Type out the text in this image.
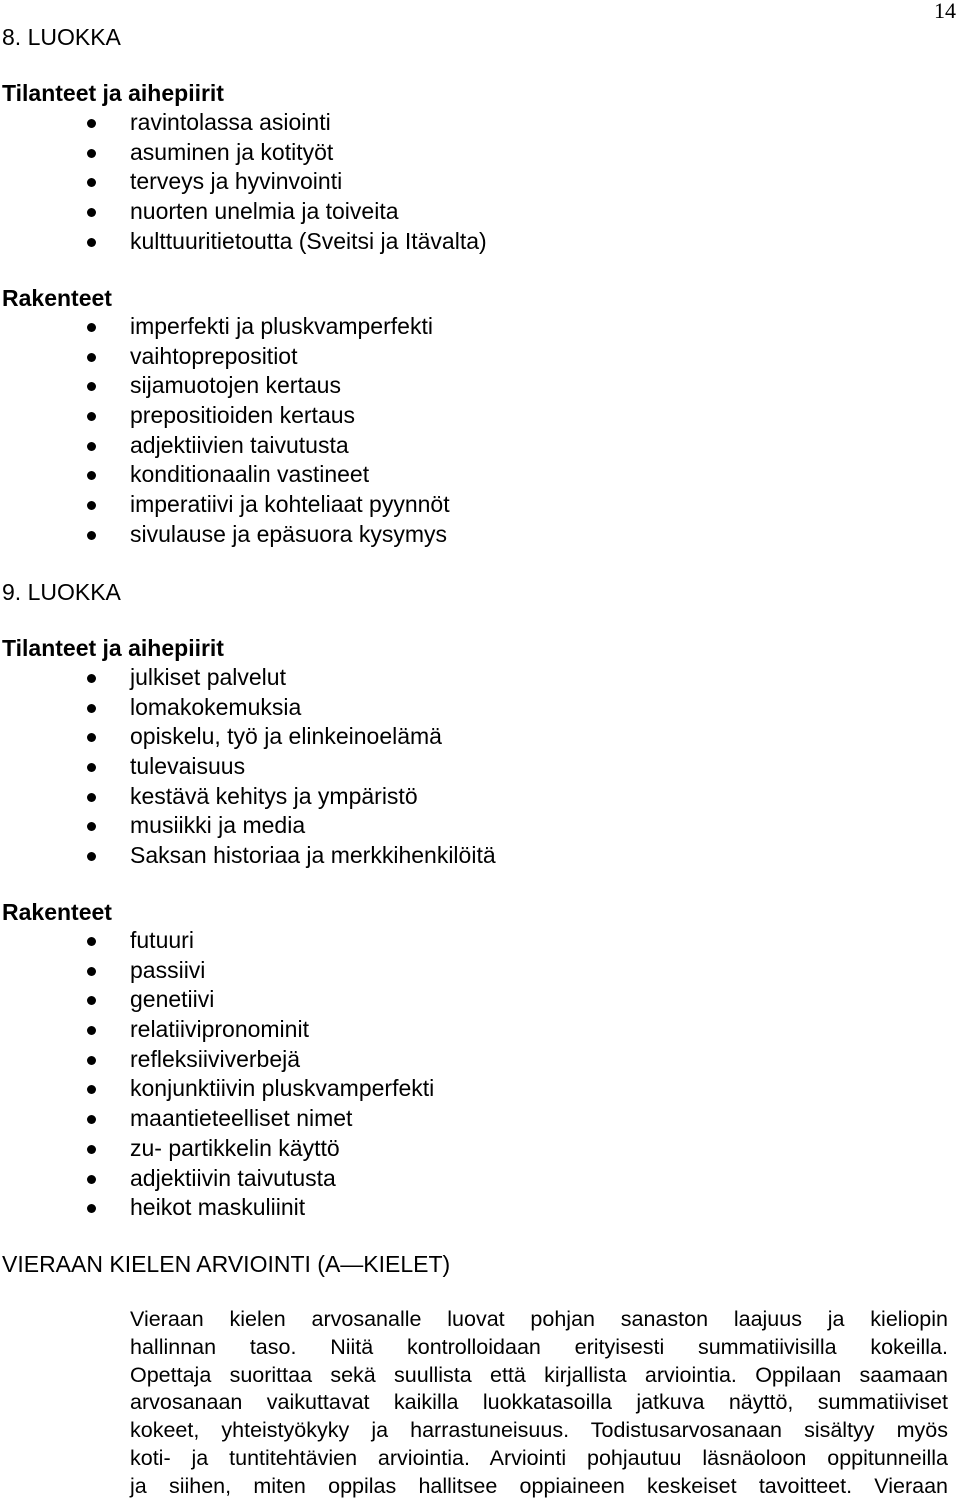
14
8. LUOKKA
Tilanteet ja aihepiirit
ravintolassa asiointi
asuminen ja kotityöt
terveys ja hyvinvointi
nuorten unelmia ja toiveita
kulttuuritietoutta (Sveitsi ja Itävalta)
Rakenteet
imperfekti ja pluskvamperfekti
vaihtoprepositiot
sijamuotojen kertaus
prepositioiden kertaus
adjektiivien taivutusta
konditionaalin vastineet
imperatiivi ja kohteliaat pyynnöt
sivulause ja epäsuora kysymys
9. LUOKKA
Tilanteet ja aihepiirit
julkiset palvelut
lomakokemuksia
opiskelu, työ ja elinkeinoelämä
tulevaisuus
kestävä kehitys ja ympäristö
musiikki ja media
Saksan historiaa ja merkkihenkilöitä
Rakenteet
futuuri
passiivi
genetiivi
relatiivipronominit
refleksiiviverbejä
konjunktiivin pluskvamperfekti
maantieteelliset nimet
zu- partikkelin käyttö
adjektiivin taivutusta
heikot maskuliinit
VIERAAN KIELEN ARVIOINTI (A—KIELET)
Vieraan kielen arvosanalle luovat pohjan sanaston laajuus ja kieliopin
hallinnan taso. Niitä kontrolloidaan erityisesti summatiivisilla kokeilla.
Opettaja suorittaa sekä suullista että kirjallista arviointia. Oppilaan saamaan
arvosanaan vaikuttavat kaikilla luokkatasoilla jatkuva näyttö, summatiiviset
kokeet, yhteistyökyky ja harrastuneisuus. Todistusarvosanaan sisältyy myös
koti- ja tuntitehtävien arviointia. Arviointi pohjautuu läsnäoloon oppitunneilla
ja siihen, miten oppilas hallitsee oppiaineen keskeiset tavoitteet. Vieraan
